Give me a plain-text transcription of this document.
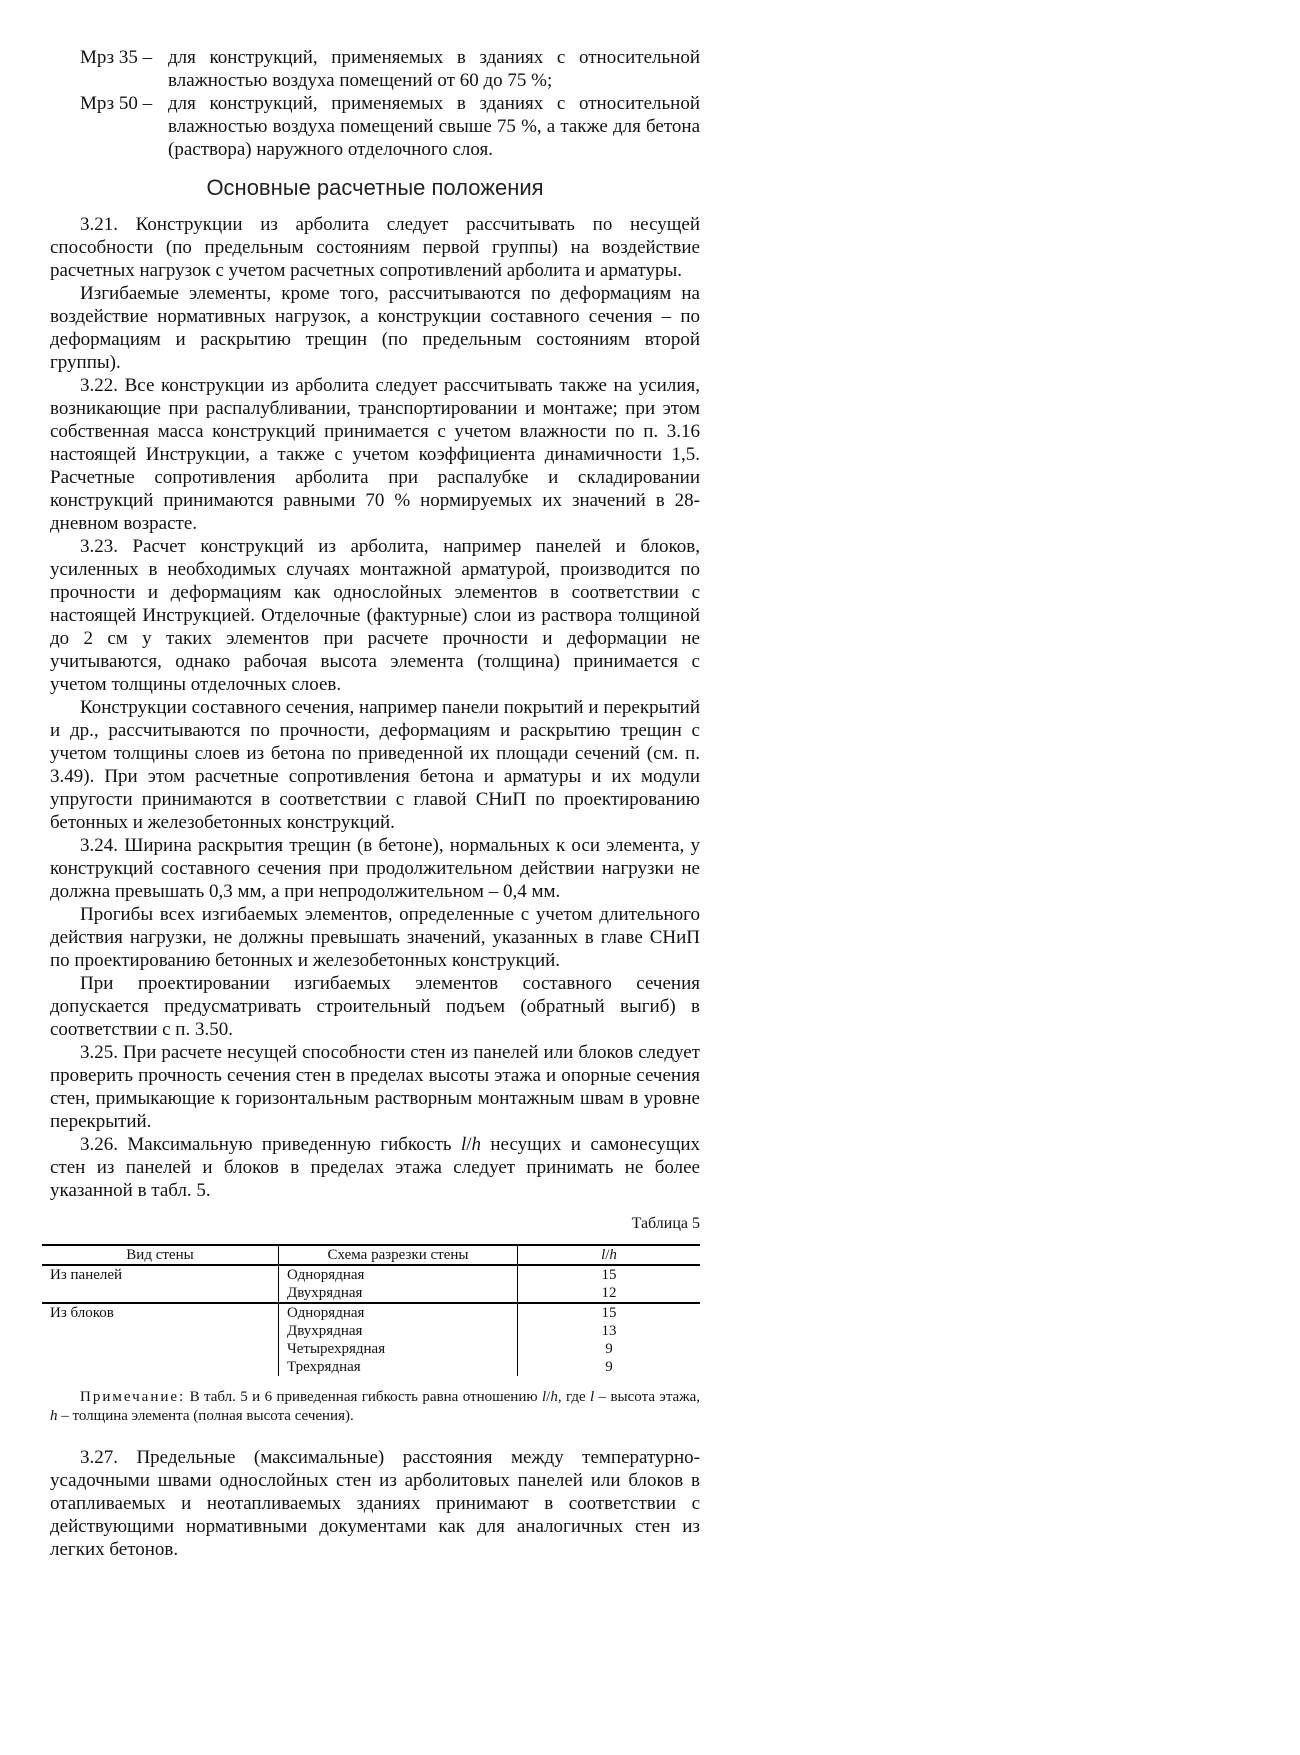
Мрз 35 – для конструкций, применяемых в зданиях с относительной влажностью воздуха помещений от 60 до 75 %;
Мрз 50 – для конструкций, применяемых в зданиях с относительной влажностью воздуха помещений свыше 75 %, а также для бетона (раствора) наружного отделочного слоя.
Основные расчетные положения

3.21. Конструкции из арболита следует рассчитывать по несущей способности (по предельным состояниям первой группы) на воздействие расчетных нагрузок с учетом расчетных сопротивлений арболита и арматуры.

Изгибаемые элементы, кроме того, рассчитываются по деформациям на воздействие нормативных нагрузок, а конструкции составного сечения – по деформациям и раскрытию трещин (по предельным состояниям второй группы).

3.22. Все конструкции из арболита следует рассчитывать также на усилия, возникающие при распалубливании, транспортировании и монтаже; при этом собственная масса конструкций принимается с учетом влажности по п. 3.16 настоящей Инструкции, а также с учетом коэффициента динамичности 1,5. Расчетные сопротивления арболита при распалубке и складировании конструкций принимаются равными 70 % нормируемых их значений в 28-дневном возрасте.

3.23. Расчет конструкций из арболита, например панелей и блоков, усиленных в необходимых случаях монтажной арматурой, производится по прочности и деформациям как однослойных элементов в соответствии с настоящей Инструкцией. Отделочные (фактурные) слои из раствора толщиной до 2 см у таких элементов при расчете прочности и деформации не учитываются, однако рабочая высота элемента (толщина) принимается с учетом толщины отделочных слоев.

Конструкции составного сечения, например панели покрытий и перекрытий и др., рассчитываются по прочности, деформациям и раскрытию трещин с учетом толщины слоев из бетона по приведенной их площади сечений (см. п. 3.49). При этом расчетные сопротивления бетона и арматуры и их модули упругости принимаются в соответствии с главой СНиП по проектированию бетонных и железобетонных конструкций.

3.24. Ширина раскрытия трещин (в бетоне), нормальных к оси элемента, у конструкций составного сечения при продолжительном действии нагрузки не должна превышать 0,3 мм, а при непродолжительном – 0,4 мм.

Прогибы всех изгибаемых элементов, определенные с учетом длительного действия нагрузки, не должны превышать значений, указанных в главе СНиП по проектированию бетонных и железобетонных конструкций.

При проектировании изгибаемых элементов составного сечения допускается предусматривать строительный подъем (обратный выгиб) в соответствии с п. 3.50.

3.25. При расчете несущей способности стен из панелей или блоков следует проверить прочность сечения стен в пределах высоты этажа и опорные сечения стен, примыкающие к горизонтальным растворным монтажным швам в уровне перекрытий.

3.26. Максимальную приведенную гибкость l/h несущих и самонесущих стен из панелей и блоков в пределах этажа следует принимать не более указанной в табл. 5.

Таблица 5
Вид стены	Схема разрезки стены	l/h
Из панелей	Однорядная	15
	Двухрядная	12
Из блоков	Однорядная	15
	Двухрядная	13
	Четырехрядная	9
	Трехрядная	9
Примечание: В табл. 5 и 6 приведенная гибкость равна отношению l/h, где l – высота этажа, h – толщина элемента (полная высота сечения).

3.27. Предельные (максимальные) расстояния между температурно-усадочными швами однослойных стен из арболитовых панелей или блоков в отапливаемых и неотапливаемых зданиях принимают в соответствии с действующими нормативными документами как для аналогичных стен из легких бетонов.
